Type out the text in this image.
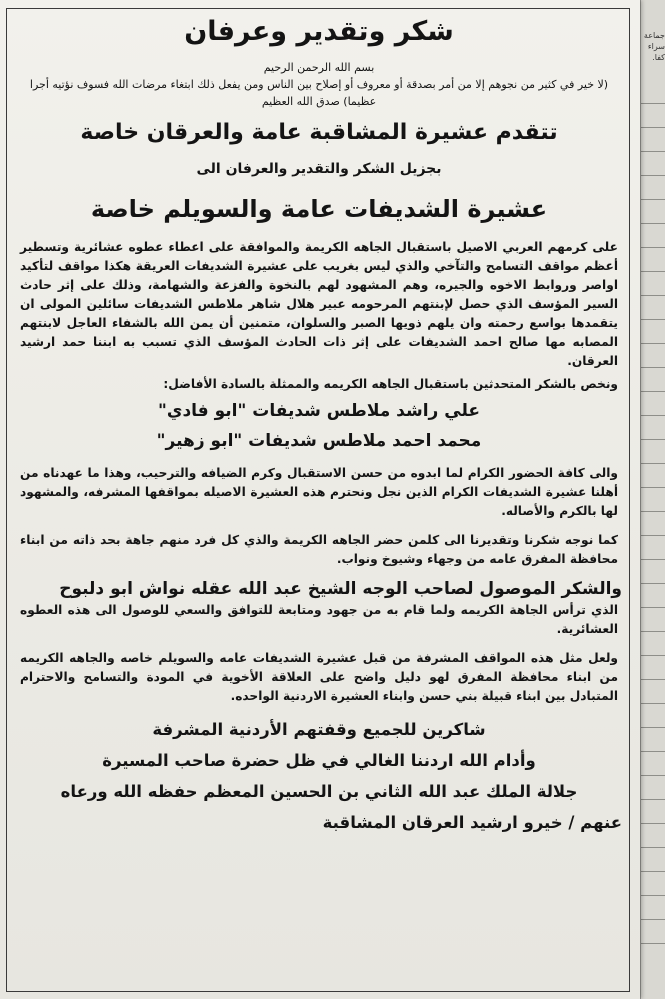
جماعة سراء كفا.
شكر وتقدير وعرفان
بسم الله الرحمن الرحيم
(لا خير في كثير من نجوهم إلا من أمر بصدقة أو معروف أو إصلاح بين الناس ومن يفعل ذلك ابتغاء مرضات الله فسوف نؤتيه أجرا عظيما) صدق الله العظيم
تتقدم عشيرة المشاقبة عامة والعرقان خاصة
بجزيل الشكر والتقدير والعرفان الى
عشيرة الشديفات عامة والسويلم خاصة
على كرمهم العربي الاصيل باستقبال الجاهه الكريمة والموافقة على اعطاء عطوه عشائرية وتسطير أعظم مواقف التسامح والتآخي والذي ليس بغريب على عشيرة الشديفات العريقة هكذا مواقف لتأكيد اواصر وروابط الاخوه والجيره، وهم المشهود لهم بالنخوة والفزعة والشهامة، وذلك على إثر حادث السير المؤسف الذي حصل لإبنتهم المرحومه عبير هلال شاهر ملاطس الشديفات سائلين المولى ان يتقمدها بواسع رحمته وان يلهم ذويها الصبر والسلوان، متمنين أن يمن الله بالشفاء العاجل لابنتهم المصابه مها صالح احمد الشديفات على إثر ذات الحادث المؤسف الذي تسبب به ابننا حمد ارشيد العرقان.
ونخص بالشكر المتحدثين باستقبال الجاهه الكريمه والممثلة بالسادة الأفاضل:
علي راشد ملاطس شديفات "ابو فادي"
محمد احمد ملاطس شديفات "ابو زهير"
والى كافة الحضور الكرام لما ابدوه من حسن الاستقبال وكرم الضيافه والترحيب، وهذا ما عهدناه من أهلنا عشيرة الشديفات الكرام الذين نجل ونحترم هذه العشيرة الاصيله بمواقفها المشرفه، والمشهود لها بالكرم والأصاله.
كما نوجه شكرنا وتقديرنا الى كلمن حضر الجاهه الكريمة والذي كل فرد منهم جاهة بحد ذاته من ابناء محافظة المفرق عامه من وجهاء وشيوخ ونواب.
والشكر الموصول لصاحب الوجه الشيخ عبد الله عقله نواش ابو دلبوح
الذي ترأس الجاهة الكريمه ولما قام به من جهود ومتابعة للتوافق والسعي للوصول الى هذه العطوه العشائرية.
ولعل مثل هذه المواقف المشرفة من قبل عشيرة الشديفات عامه والسويلم خاصه والجاهه الكريمه من ابناء محافظة المفرق لهو دليل واضح على العلاقة الأخوية في المودة والتسامح والاحترام المتبادل بين ابناء قبيلة بني حسن وابناء العشيرة الاردنية الواحده.
شاكرين للجميع وقفتهم الأردنية المشرفة
وأدام الله اردننا الغالي في ظل حضرة صاحب المسيرة
جلالة الملك عبد الله الثاني بن الحسين المعظم حفظه الله ورعاه
عنهم / خيرو ارشيد العرقان المشاقبة
